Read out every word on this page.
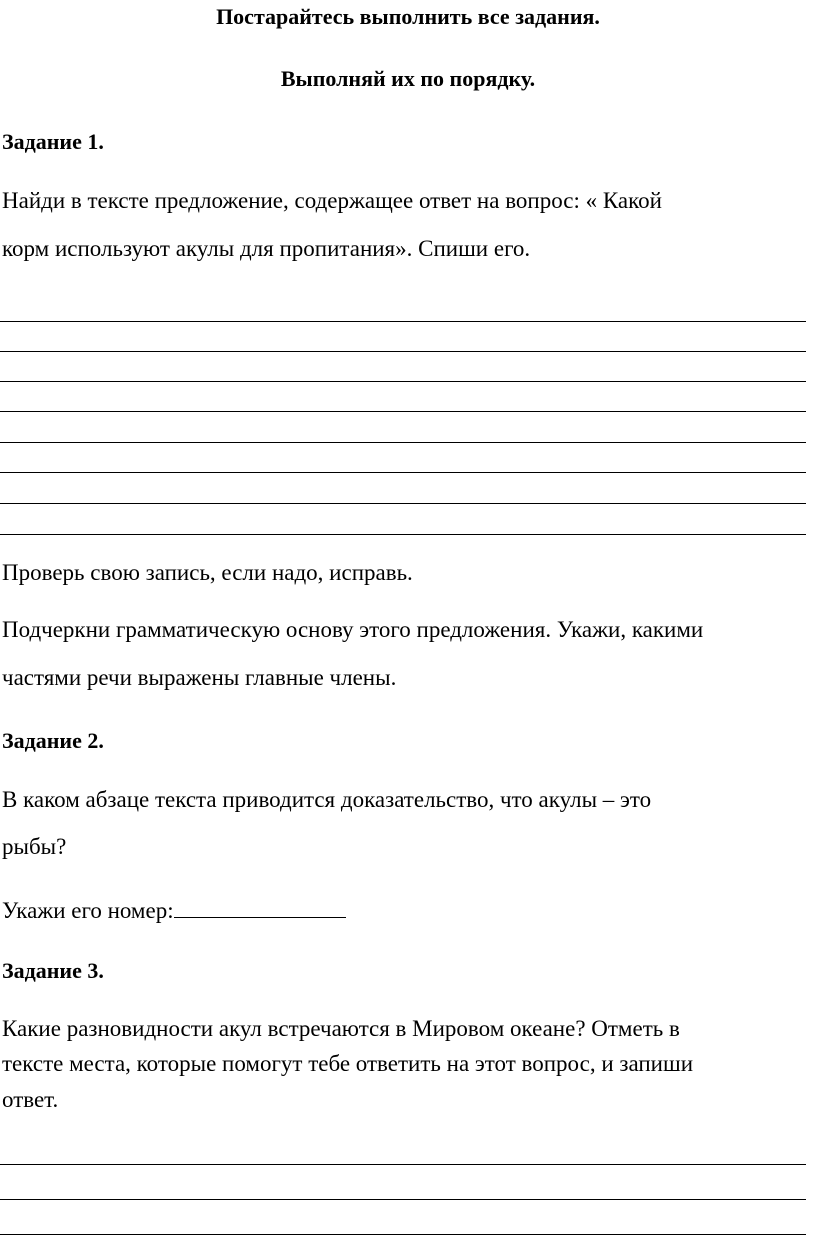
Постарайтесь выполнить все задания.

Выполняй их по порядку.

Задание 1.

Найди в тексте предложение, содержащее ответ на вопрос: « Какой

корм используют акулы для пропитания». Спиши его.

Проверь свою запись, если надо, исправь.

Подчеркни грамматическую основу этого предложения. Укажи, какими

частями речи выражены главные члены.

Задание 2.

В каком абзаце текста приводится доказательство, что акулы – это

рыбы?

Укажи его номер:

Задание 3.

Какие разновидности акул встречаются в Мировом океане? Отметь в

тексте места, которые помогут тебе ответить на этот вопрос, и запиши

ответ.
